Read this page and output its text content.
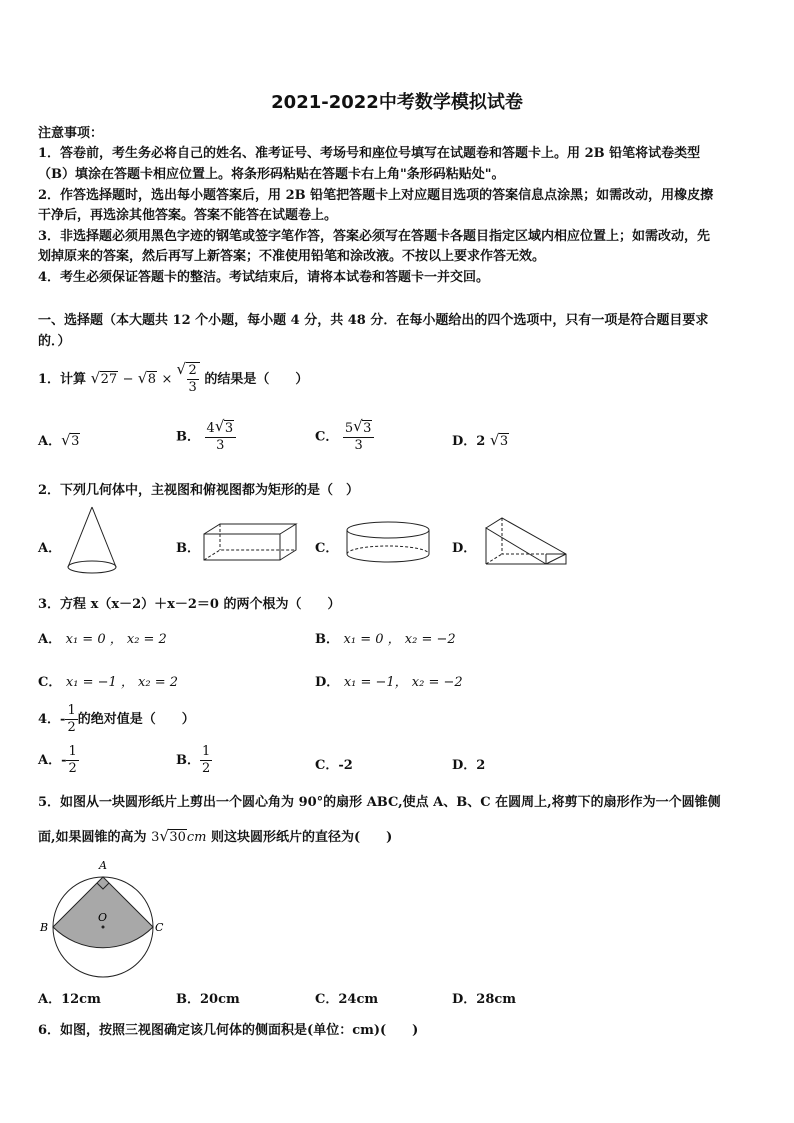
2021-2022中考数学模拟试卷
注意事项：
1．答卷前，考生务必将自己的姓名、准考证号、考场号和座位号填写在试题卷和答题卡上。用 2B 铅笔将试卷类型
（B）填涂在答题卡相应位置上。将条形码粘贴在答题卡右上角"条形码粘贴处"。
2．作答选择题时，选出每小题答案后，用 2B 铅笔把答题卡上对应题目选项的答案信息点涂黑；如需改动，用橡皮擦
干净后，再选涂其他答案。答案不能答在试题卷上。
3．非选择题必须用黑色字迹的钢笔或签字笔作答，答案必须写在答题卡各题目指定区域内相应位置上；如需改动，先
划掉原来的答案，然后再写上新答案；不准使用铅笔和涂改液。不按以上要求作答无效。
4．考生必须保证答题卡的整洁。考试结束后，请将本试卷和答题卡一并交回。
一、选择题（本大题共 12 个小题，每小题 4 分，共 48 分．在每小题给出的四个选项中，只有一项是符合题目要求
的．）
1．计算 √ 27 − √ 8 × √ $\frac{2}{3}$ 的结果是（　　）
A． √ 3	B． $\frac{4 √ 3}{3}$	C． $\frac{5 √ 3}{3}$	D．2 √ 3
2．下列几何体中，主视图和俯视图都为矩形的是（　）
A．	B．	C．	D．
3．方程 x（x－2）＋x－2＝0 的两个根为（　　）
A． x₁ = 0 ， x₂ = 2	B． x₁ = 0 ， x₂ = −2
C． x₁ = −1 ， x₂ = 2	D． x₁ = −1， x₂ = −2
4．- $\frac{1}{2}$ 的绝对值是（　　）
A．- $\frac{1}{2}$	B． $\frac{1}{2}$	C．-2	D．2
5．如图从一块圆形纸片上剪出一个圆心角为 90°的扇形 ABC,使点 A、B、C 在圆周上,将剪下的扇形作为一个圆锥侧
面,如果圆锥的高为 3 √ 30cm 则这块圆形纸片的直径为(　　)
A
B	C
O
A．12cm	B．20cm	C．24cm	D．28cm
6．如图，按照三视图确定该几何体的侧面积是(单位：cm)(　　)
